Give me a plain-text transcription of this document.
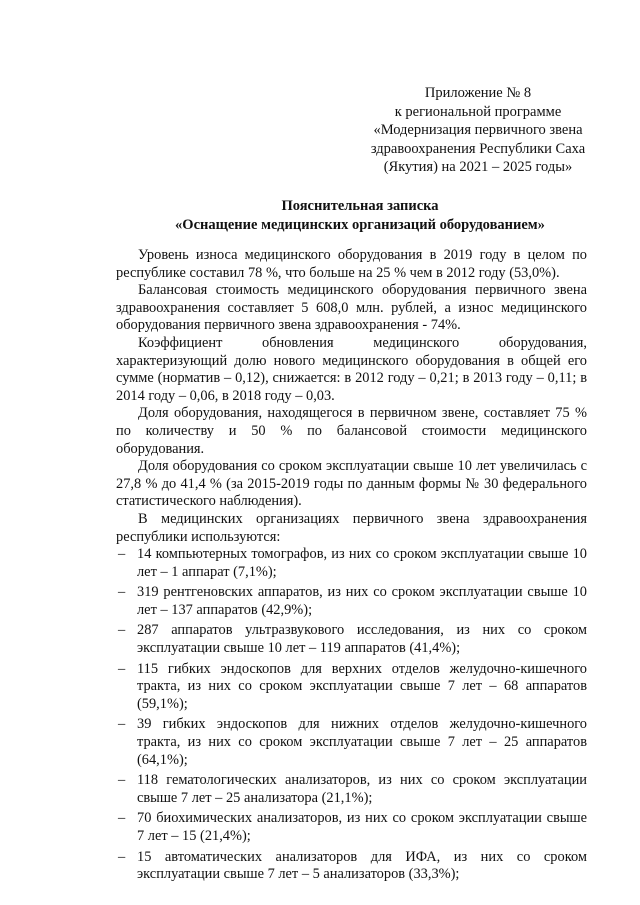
Приложение № 8
к региональной программе
«Модернизация первичного звена
здравоохранения Республики Саха
(Якутия) на 2021 – 2025 годы»
Пояснительная записка
«Оснащение медицинских организаций оборудованием»

Уровень износа медицинского оборудования в 2019 году в целом по республике составил 78 %, что больше на 25 % чем в 2012 году (53,0%).

Балансовая стоимость медицинского оборудования первичного звена здравоохранения составляет 5 608,0 млн. рублей, а износ медицинского оборудования первичного звена здравоохранения - 74%.

Коэффициент обновления медицинского оборудования, характеризующий долю нового медицинского оборудования в общей его сумме (норматив – 0,12), снижается: в 2012 году – 0,21; в 2013 году – 0,11; в 2014 году – 0,06, в 2018 году – 0,03.

Доля оборудования, находящегося в первичном звене, составляет 75 % по количеству и 50 % по балансовой стоимости медицинского оборудования.

Доля оборудования со сроком эксплуатации свыше 10 лет увеличилась с 27,8 % до 41,4 % (за 2015-2019 годы по данным формы № 30 федерального статистического наблюдения).

В медицинских организациях первичного звена здравоохранения республики используются:

– 14 компьютерных томографов, из них со сроком эксплуатации свыше 10 лет – 1 аппарат (7,1%);
– 319 рентгеновских аппаратов, из них со сроком эксплуатации свыше 10 лет – 137 аппаратов (42,9%);
– 287 аппаратов ультразвукового исследования, из них со сроком эксплуатации свыше 10 лет – 119 аппаратов (41,4%);
– 115 гибких эндоскопов для верхних отделов желудочно-кишечного тракта, из них со сроком эксплуатации свыше 7 лет – 68 аппаратов (59,1%);
– 39 гибких эндоскопов для нижних отделов желудочно-кишечного тракта, из них со сроком эксплуатации свыше 7 лет – 25 аппаратов (64,1%);
– 118 гематологических анализаторов, из них со сроком эксплуатации свыше 7 лет – 25 анализатора (21,1%);
– 70 биохимических анализаторов, из них со сроком эксплуатации свыше 7 лет – 15 (21,4%);
– 15 автоматических анализаторов для ИФА, из них со сроком эксплуатации свыше 7 лет – 5 анализаторов (33,3%);
